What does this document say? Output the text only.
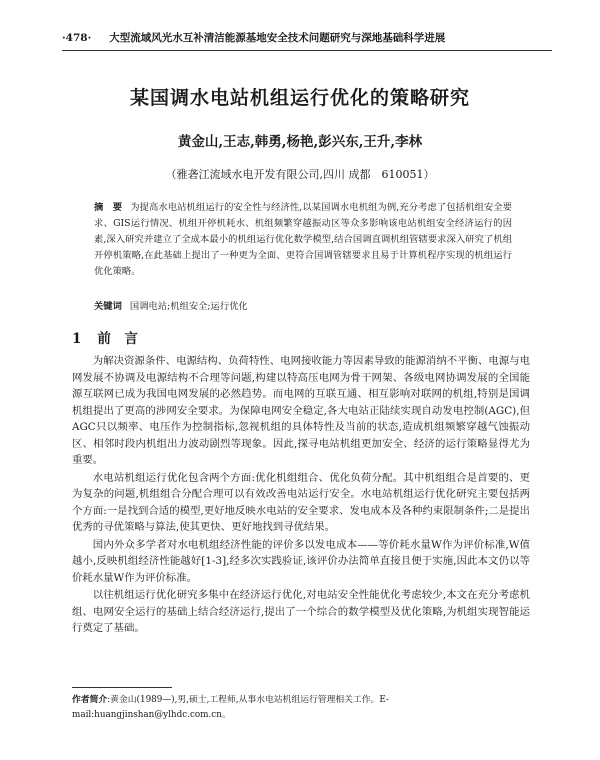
·478· 大型流域风光水互补清洁能源基地安全技术问题研究与深地基础科学进展
某国调水电站机组运行优化的策略研究
黄金山,王志,韩勇,杨艳,彭兴东,王升,李林
（雅砻江流域水电开发有限公司,四川 成都　610051）
摘　要 为提高水电站机组运行的安全性与经济性,以某国调水电机组为例,充分考虑了包括机组安全要求、GIS运行情况、机组开停机耗水、机组频繁穿越振动区等众多影响该电站机组安全经济运行的因素,深入研究并建立了全成本最小的机组运行优化数学模型,结合国调直调机组管辖要求深入研究了机组开停机策略,在此基础上提出了一种更为全面、更符合国调管辖要求且易于计算机程序实现的机组运行优化策略。
关键词 国调电站;机组安全;运行优化
1 前　言

为解决资源条件、电源结构、负荷特性、电网接收能力等因素导致的能源消纳不平衡、电源与电网发展不协调及电源结构不合理等问题,构建以特高压电网为骨干网架、各级电网协调发展的全国能源互联网已成为我国电网发展的必然趋势。而电网的互联互通、相互影响对联网的机组,特别是国调机组提出了更高的涉网安全要求。为保障电网安全稳定,各大电站正陆续实现自动发电控制(AGC),但AGC只以频率、电压作为控制指标,忽视机组的具体特性及当前的状态,造成机组频繁穿越气蚀振动区、相邻时段内机组出力波动剧烈等现象。因此,探寻电站机组更加安全、经济的运行策略显得尤为重要。

水电站机组运行优化包含两个方面:优化机组组合、优化负荷分配。其中机组组合是首要的、更为复杂的问题,机组组合分配合理可以有效改善电站运行安全。水电站机组运行优化研究主要包括两个方面:一是找到合适的模型,更好地反映水电站的安全要求、发电成本及各种约束限制条件;二是提出优秀的寻优策略与算法,使其更快、更好地找到寻优结果。

国内外众多学者对水电机组经济性能的评价多以发电成本——等价耗水量W作为评价标准,W值越小,反映机组经济性能越好[1-3],经多次实践验证,该评价办法简单直接且便于实施,因此本文仍以等价耗水量W作为评价标准。

以往机组运行优化研究多集中在经济运行优化,对电站安全性能优化考虑较少,本文在充分考虑机组、电网安全运行的基础上结合经济运行,提出了一个综合的数学模型及优化策略,为机组实现智能运行奠定了基础。

作者简介:黄金山(1989—),男,硕士,工程师,从事水电站机组运行管理相关工作。E-mail:huangjinshan@ylhdc.com.cn。
